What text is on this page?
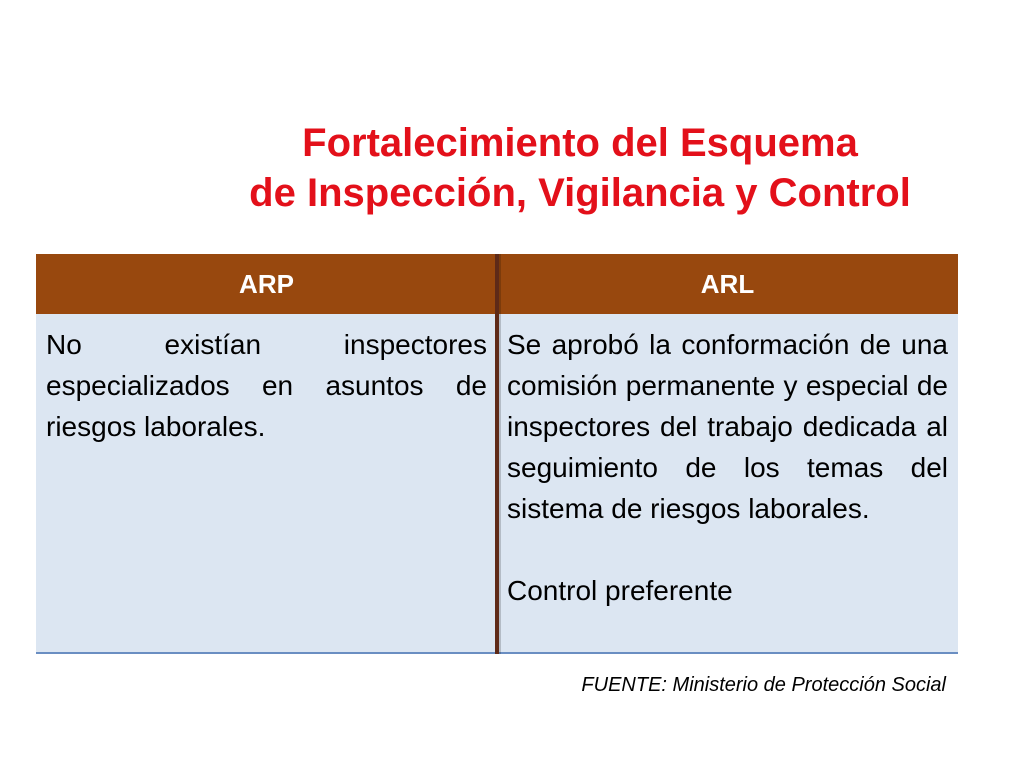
Fortalecimiento del Esquema
de Inspección, Vigilancia y Control
ARP	ARL

No existían inspectores especializados en asuntos de riesgos laborales.

Se aprobó la conformación de una comisión permanente y especial de inspectores del trabajo dedicada al seguimiento de los temas del sistema de riesgos laborales.

Control preferente

FUENTE: Ministerio de Protección Social
